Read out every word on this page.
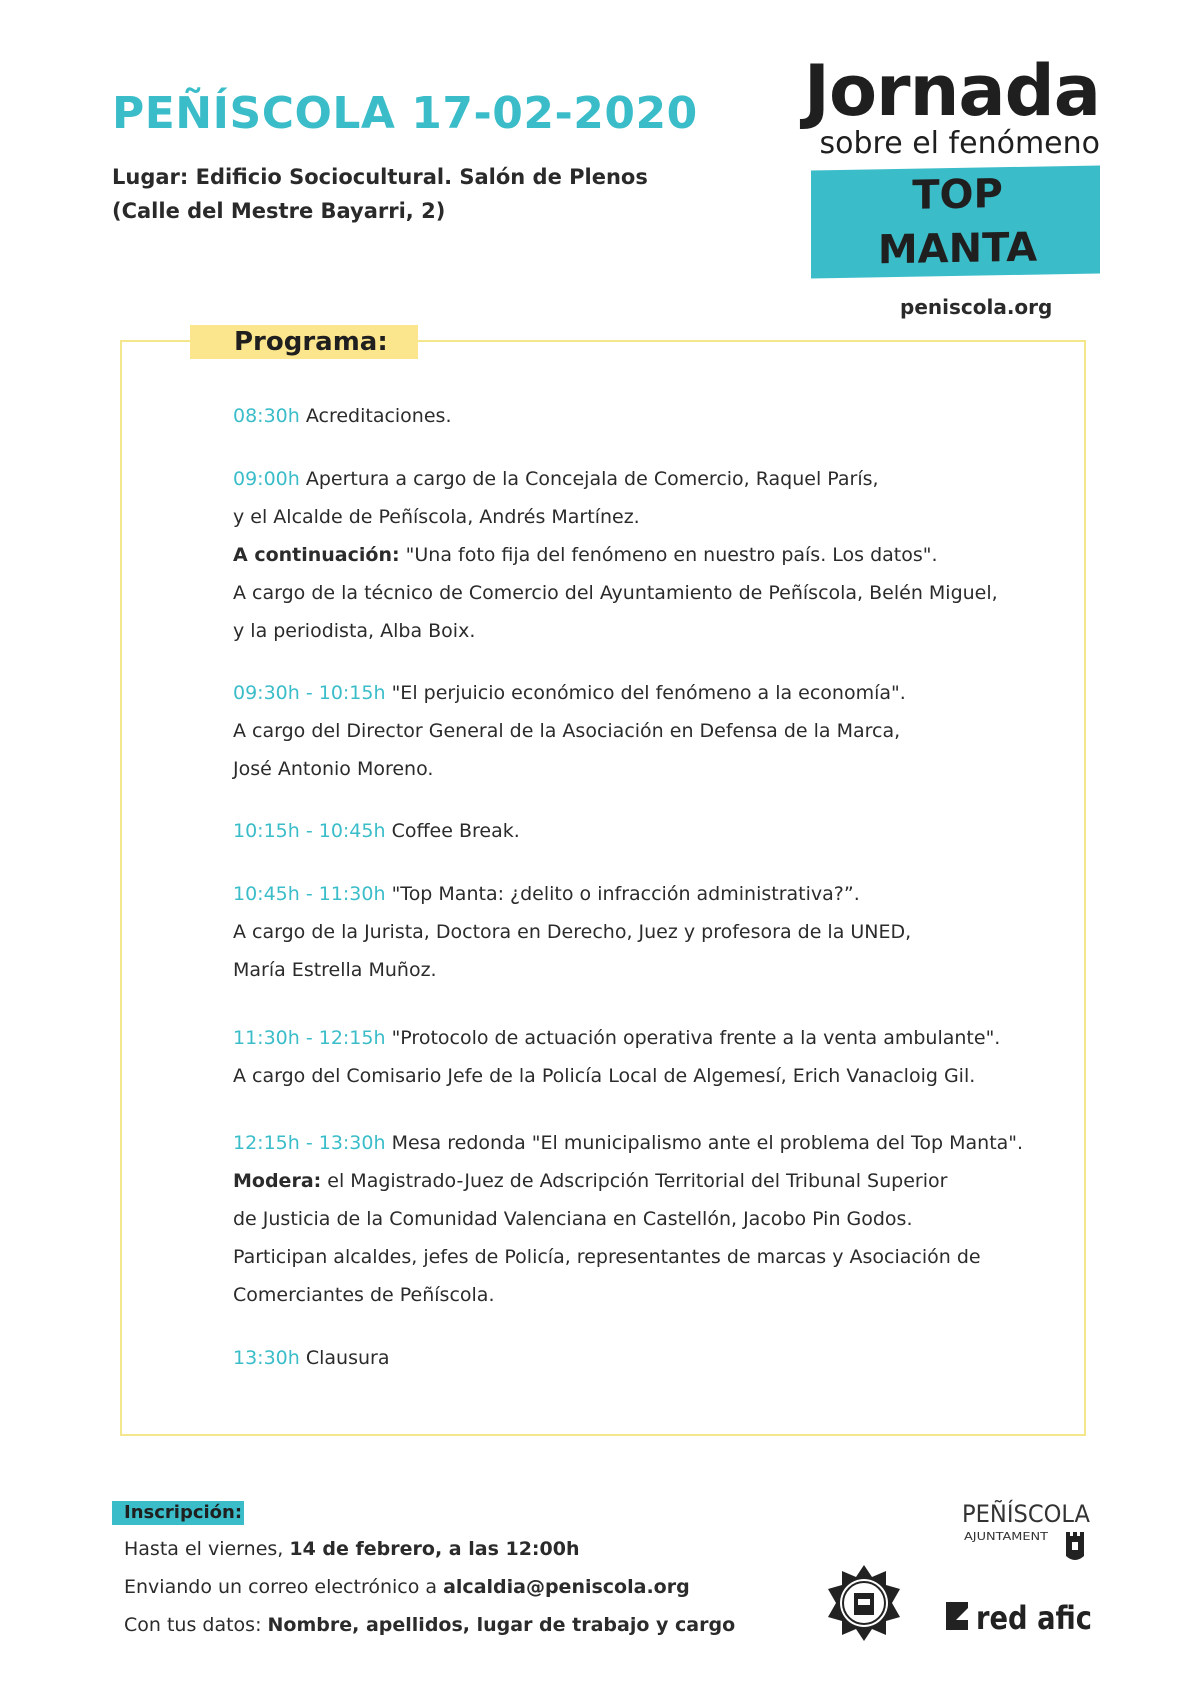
PEÑÍSCOLA 17-02-2020
Lugar: Edificio Sociocultural. Salón de Plenos
(Calle del Mestre Bayarri, 2)
Jornada
sobre el fenómeno
TOP MANTA
peniscola.org
Programa:
08:30h Acreditaciones.
09:00h Apertura a cargo de la Concejala de Comercio, Raquel París,
y el Alcalde de Peñíscola, Andrés Martínez.
A continuación: "Una foto fija del fenómeno en nuestro país. Los datos".
A cargo de la técnico de Comercio del Ayuntamiento de Peñíscola, Belén Miguel,
y la periodista, Alba Boix.
09:30h - 10:15h "El perjuicio económico del fenómeno a la economía".
A cargo del Director General de la Asociación en Defensa de la Marca,
José Antonio Moreno.
10:15h - 10:45h Coffee Break.
10:45h - 11:30h "Top Manta: ¿delito o infracción administrativa?”.
A cargo de la Jurista, Doctora en Derecho, Juez y profesora de la UNED,
María Estrella Muñoz.
11:30h - 12:15h "Protocolo de actuación operativa frente a la venta ambulante".
A cargo del Comisario Jefe de la Policía Local de Algemesí, Erich Vanacloig Gil.
12:15h - 13:30h Mesa redonda "El municipalismo ante el problema del Top Manta".
Modera: el Magistrado-Juez de Adscripción Territorial del Tribunal Superior
de Justicia de la Comunidad Valenciana en Castellón, Jacobo Pin Godos.
Participan alcaldes, jefes de Policía, representantes de marcas y Asociación de
Comerciantes de Peñíscola.
13:30h Clausura
Inscripción:
Hasta el viernes, 14 de febrero, a las 12:00h
Enviando un correo electrónico a alcaldia@peniscola.org
Con tus datos: Nombre, apellidos, lugar de trabajo y cargo
PEÑÍSCOLA
AJUNTAMENT
red afic
